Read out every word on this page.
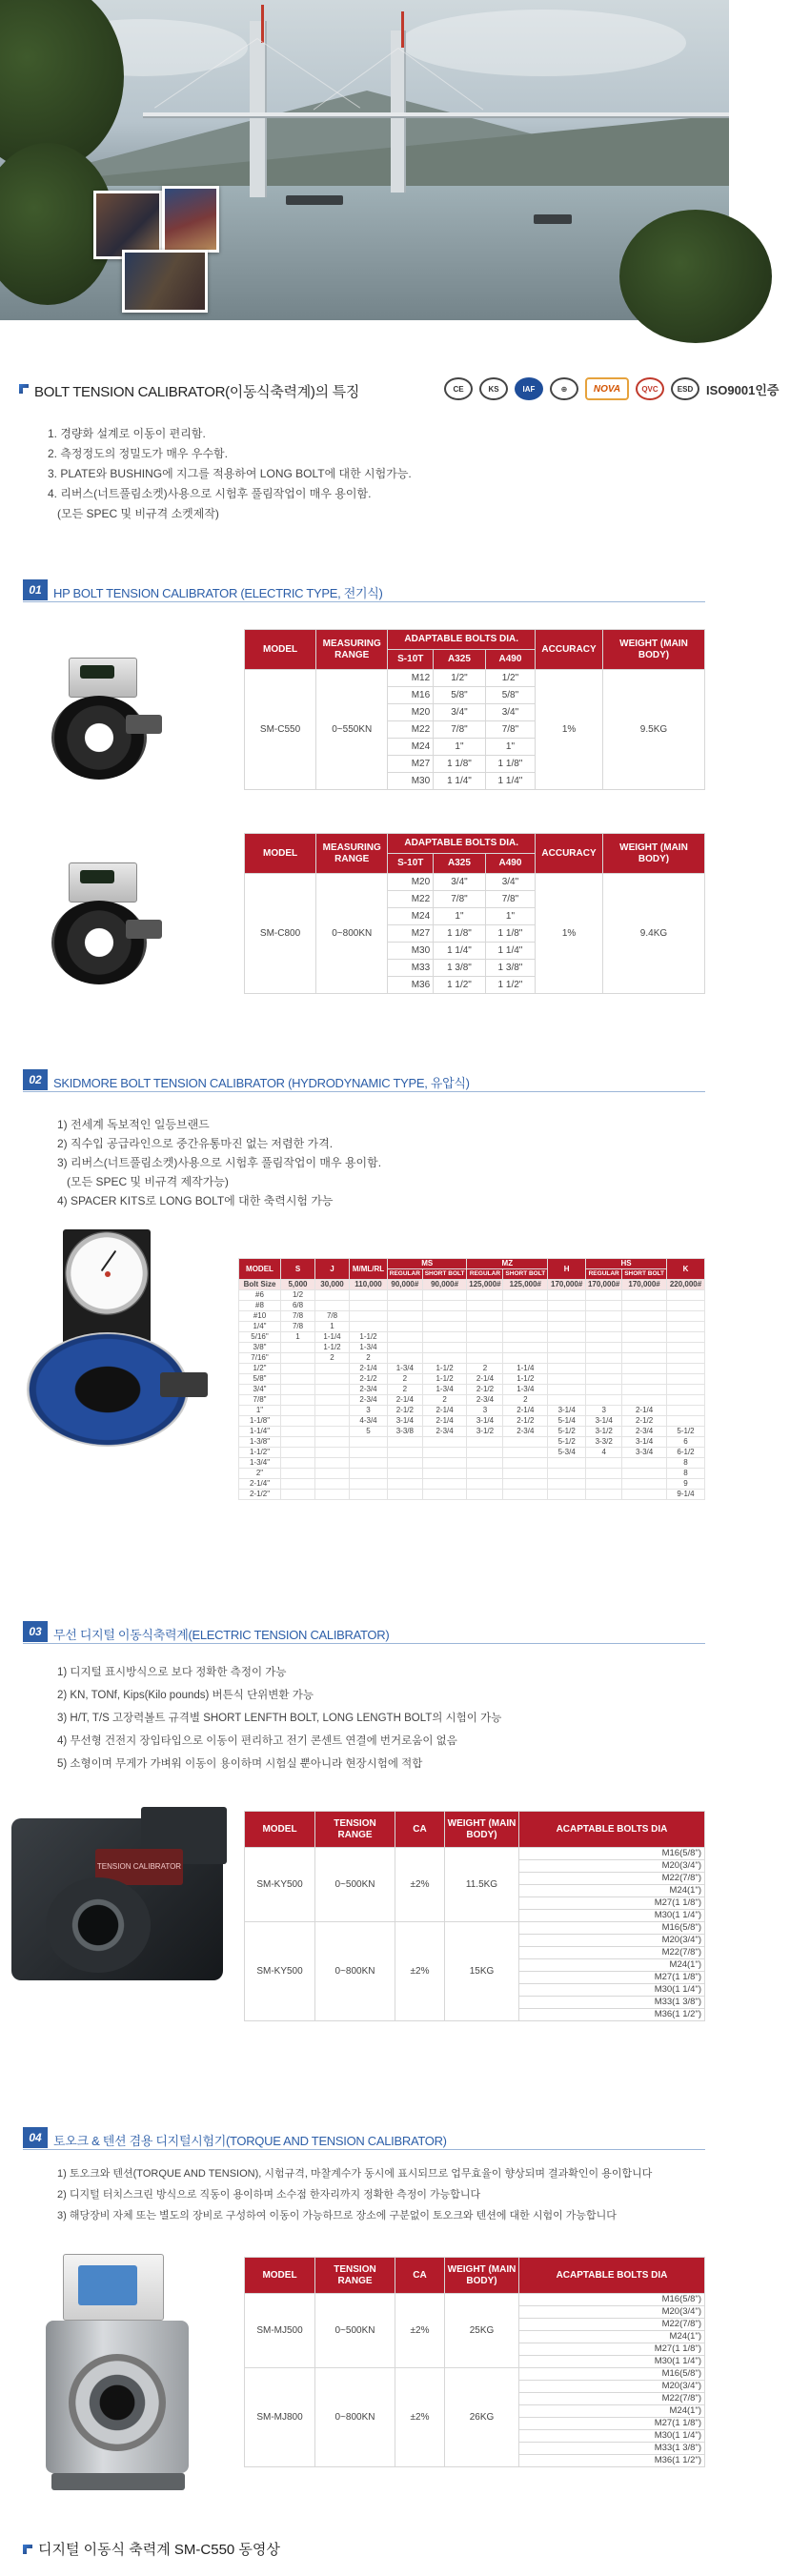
BOLT TENSION CALIBRATOR(이동식축력계)의 특징	CE	KS	IAF	⊕	NOVA	QVC	ESD	ISO9001인증
1. 경량화 설계로 이동이 편리함.
2. 측정정도의 정밀도가 매우 우수함.
3. PLATE와 BUSHING에 지그를 적용하여 LONG BOLT에 대한 시험가능.
4. 리버스(너트풀림소켓)사용으로 시험후 풀림작업이 매우 용이함.
(모든 SPEC 및 비규격 소켓제작)
01 HP BOLT TENSION CALIBRATOR (ELECTRIC TYPE, 전기식)
MODEL	MEASURING RANGE	ADAPTABLE BOLTS DIA.			ACCURACY	WEIGHT (MAIN BODY)
		S-10T	A325	A490		
SM-C550	0~550KN	M12	1/2"	1/2"	1%	9.5KG
		M16	5/8"	5/8"		
		M20	3/4"	3/4"		
		M22	7/8"	7/8"		
		M24	1"	1"		
		M27	1 1/8"	1 1/8"		
		M30	1 1/4"	1 1/4"		
MODEL	MEASURING RANGE	ADAPTABLE BOLTS DIA.			ACCURACY	WEIGHT (MAIN BODY)
		S-10T	A325	A490		
SM-C800	0~800KN	M20	3/4"	3/4"	1%	9.4KG
		M22	7/8"	7/8"		
		M24	1"	1"		
		M27	1 1/8"	1 1/8"		
		M30	1 1/4"	1 1/4"		
		M33	1 3/8"	1 3/8"		
		M36	1 1/2"	1 1/2"		
02 SKIDMORE BOLT TENSION CALIBRATOR (HYDRODYNAMIC TYPE, 유압식)
1) 전세계 독보적인 일등브랜드
2) 직수입 공급라인으로 중간유통마진 없는 저렴한 가격.
3) 리버스(너트풀림소켓)사용으로 시험후 풀림작업이 매우 용이함.
(모든 SPEC 및 비규격 제작가능)
4) SPACER KITS로 LONG BOLT에 대한 축력시험 가능
MODEL	S	J	M/ML/RL	MS		MZ		H	HS		K
				REGULAR	SHORT BOLT	REGULAR	SHORT BOLT		REGULAR	SHORT BOLT	
Bolt Size	5,000	30,000	110,000	90,000#	90,000#	125,000#	125,000#	170,000#	170,000#	170,000#	220,000#
#6	1/2										
#8	6/8										
#10	7/8	7/8									
1/4"	7/8	1									
5/16"	1	1-1/4	1-1/2								
3/8"		1-1/2	1-3/4								
7/16"		2	2								
1/2"			2-1/4	1-3/4	1-1/2	2	1-1/4				
5/8"			2-1/2	2	1-1/2	2-1/4	1-1/2				
3/4"			2-3/4	2	1-3/4	2-1/2	1-3/4				
7/8"			2-3/4	2-1/4	2	2-3/4	2				
1"			3	2-1/2	2-1/4	3	2-1/4	3-1/4	3	2-1/4	
1-1/8"			4-3/4	3-1/4	2-1/4	3-1/4	2-1/2	5-1/4	3-1/4	2-1/2	
1-1/4"			5	3-3/8	2-3/4	3-1/2	2-3/4	5-1/2	3-1/2	2-3/4	5-1/2
1-3/8"								5-1/2	3-3/2	3-1/4	6
1-1/2"								5-3/4	4	3-3/4	6-1/2
1-3/4"											8
2"											8
2-1/4"											9
2-1/2"											9-1/4
03 무선 디지털 이동식축력계(ELECTRIC TENSION CALIBRATOR)
1) 디지털 표시방식으로 보다 정확한 측정이 가능
2) KN, TONf, Kips(Kilo pounds) 버튼식 단위변환 가능
3) H/T, T/S 고장력볼트 규격별 SHORT LENFTH BOLT, LONG LENGTH BOLT의 시험이 가능
4) 무선형 건전지 장입타입으로 이동이 편리하고 전기 콘센트 연결에 번거로움이 없음
5) 소형이며 무게가 가벼워 이동이 용이하며 시험실 뿐아니라 현장시험에 적합
TENSION CALIBRATOR
MODEL	TENSION RANGE	CA	WEIGHT (MAIN BODY)	ACAPTABLE BOLTS DIA
SM-KY500	0~500KN	±2%	11.5KG	M16(5/8")
				M20(3/4")
				M22(7/8")
				M24(1")
				M27(1 1/8")
				M30(1 1/4")
SM-KY500	0~800KN	±2%	15KG	M16(5/8")
				M20(3/4")
				M22(7/8")
				M24(1")
				M27(1 1/8")
				M30(1 1/4")
				M33(1 3/8")
				M36(1 1/2")
04 토오크 & 텐션 겸용 디지털시험기(TORQUE AND TENSION CALIBRATOR)
1) 토오크와 텐션(TORQUE AND TENSION), 시험규격, 마찰계수가 동시에 표시되므로 업무효율이 향상되며 결과확인이 용이합니다
2) 디지털 터치스크린 방식으로 직동이 용이하며 소수점 한자리까지 정확한 측정이 가능합니다
3) 해당장비 자체 또는 별도의 장비로 구성하여 이동이 가능하므로 장소에 구분없이 토오크와 텐션에 대한 시험이 가능합니다
MODEL	TENSION RANGE	CA	WEIGHT (MAIN BODY)	ACAPTABLE BOLTS DIA
SM-MJ500	0~500KN	±2%	25KG	M16(5/8")
				M20(3/4")
				M22(7/8")
				M24(1")
				M27(1 1/8")
				M30(1 1/4")
SM-MJ800	0~800KN	±2%	26KG	M16(5/8")
				M20(3/4")
				M22(7/8")
				M24(1")
				M27(1 1/8")
				M30(1 1/4")
				M33(1 3/8")
				M36(1 1/2")
디지털 이동식 축력계 SM-C550 동영상
